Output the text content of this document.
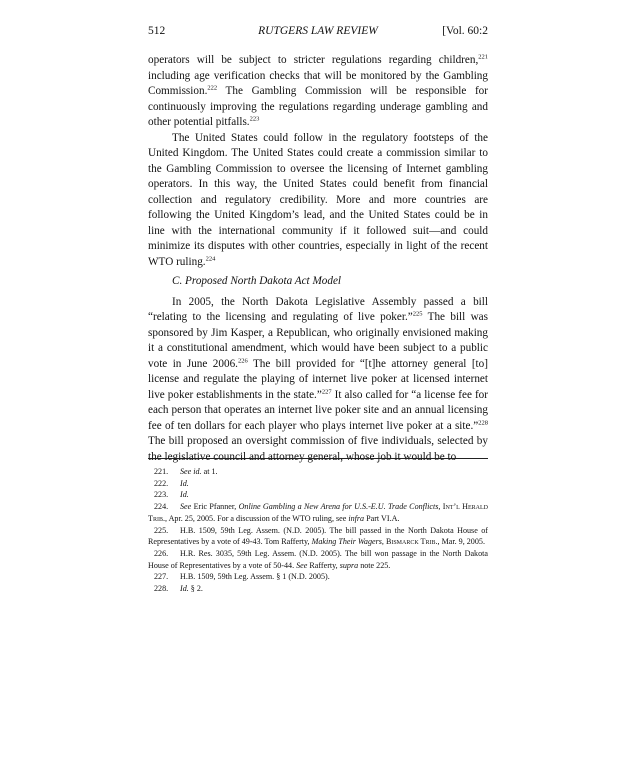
512	RUTGERS LAW REVIEW	[Vol. 60:2

operators will be subject to stricter regulations regarding children,$^{221}$ including age verification checks that will be monitored by the Gambling Commission.$^{222}$ The Gambling Commission will be responsible for continuously improving the regulations regarding underage gambling and other potential pitfalls.$^{223}$

The United States could follow in the regulatory footsteps of the United Kingdom. The United States could create a commission similar to the Gambling Commission to oversee the licensing of Internet gambling operators. In this way, the United States could benefit from financial collection and regulatory credibility. More and more countries are following the United Kingdom’s lead, and the United States could be in line with the international community if it followed suit—and could minimize its disputes with other countries, especially in light of the recent WTO ruling.$^{224}$

C. Proposed North Dakota Act Model

In 2005, the North Dakota Legislative Assembly passed a bill “relating to the licensing and regulating of live poker.”$^{225}$ The bill was sponsored by Jim Kasper, a Republican, who originally envisioned making it a constitutional amendment, which would have been subject to a public vote in June 2006.$^{226}$ The bill provided for “[t]he attorney general [to] license and regulate the playing of internet live poker at licensed internet live poker establishments in the state.”$^{227}$ It also called for “a license fee for each person that operates an internet live poker site and an annual licensing fee of ten dollars for each player who plays internet live poker at a site.”$^{228}$ The bill proposed an oversight commission of five individuals, selected by the legislative council and attorney general, whose job it would be to

221. See id. at 1.

222. Id.

223. Id.

224. See Eric Pfanner, Online Gambling a New Arena for U.S.-E.U. Trade Conflicts, Int’l Herald Trib., Apr. 25, 2005. For a discussion of the WTO ruling, see infra Part VI.A.

225. H.B. 1509, 59th Leg. Assem. (N.D. 2005). The bill passed in the North Dakota House of Representatives by a vote of 49-43. Tom Rafferty, Making Their Wagers, Bismarck Trib., Mar. 9, 2005.

226. H.R. Res. 3035, 59th Leg. Assem. (N.D. 2005). The bill won passage in the North Dakota House of Representatives by a vote of 50-44. See Rafferty, supra note 225.

227. H.B. 1509, 59th Leg. Assem. § 1 (N.D. 2005).

228. Id. § 2.
